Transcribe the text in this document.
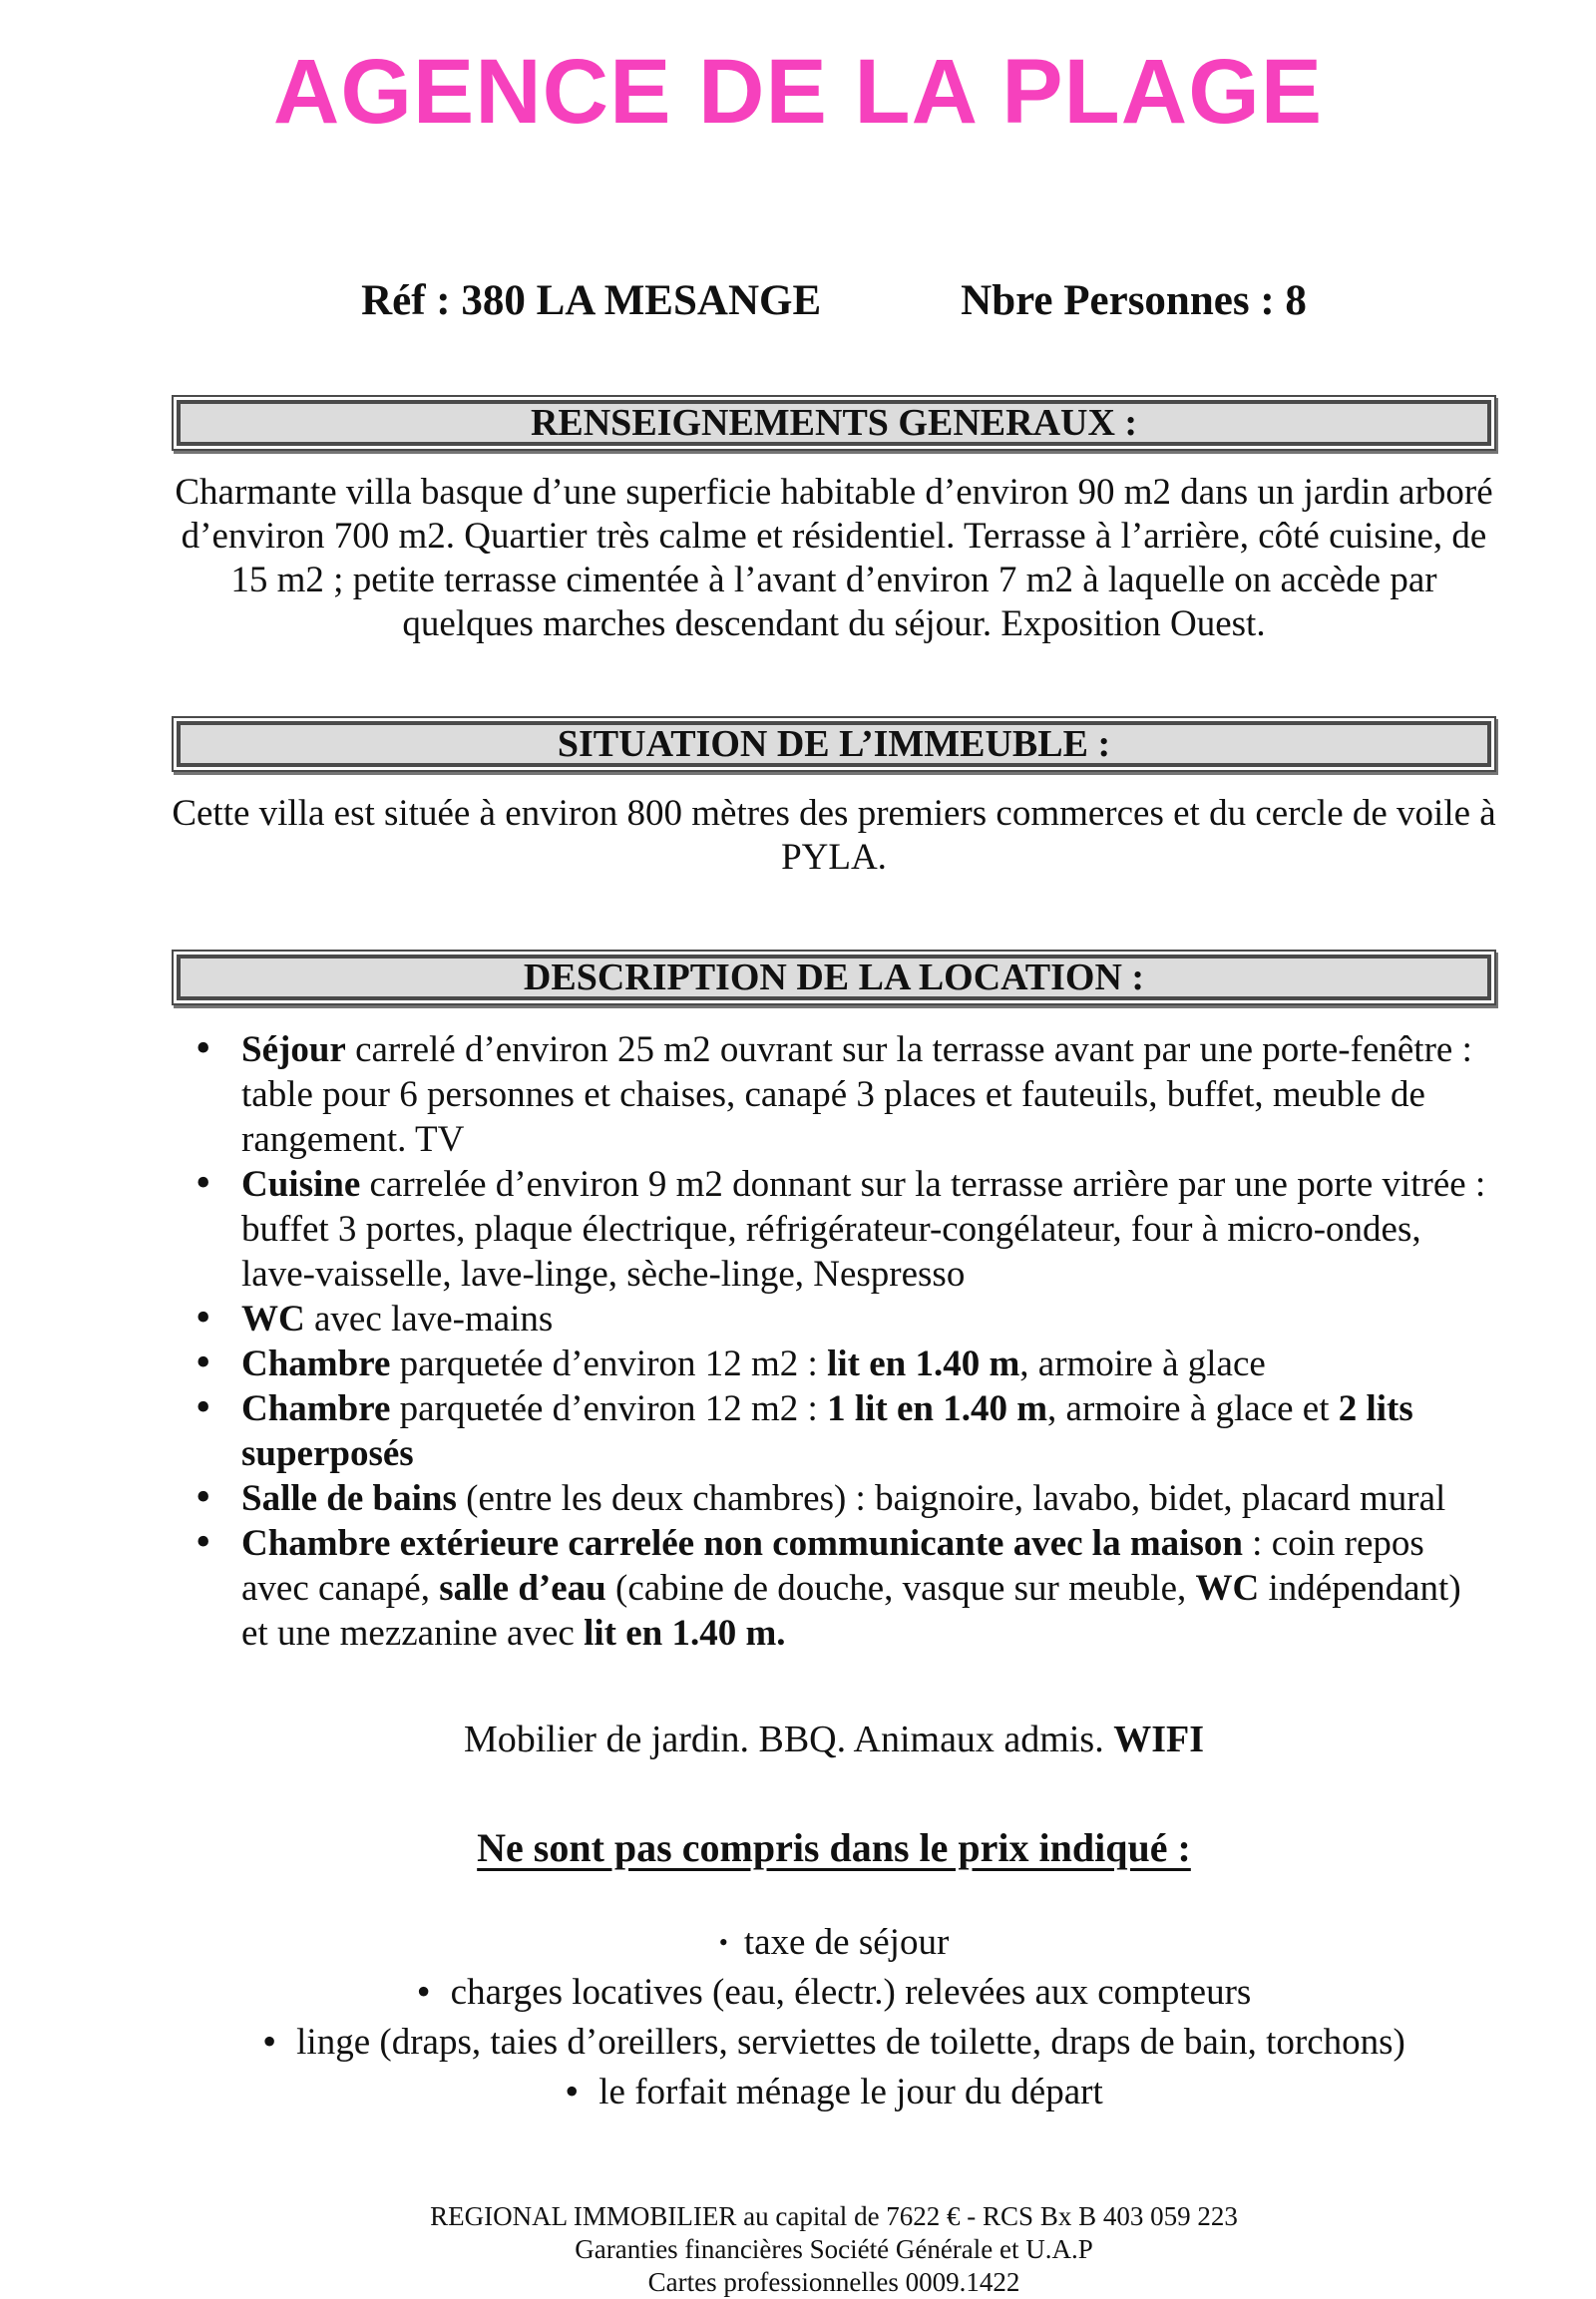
AGENCE DE LA PLAGE
Réf : 380 LA MESANGE	Nbre Personnes : 8
RENSEIGNEMENTS GENERAUX :

Charmante villa basque d’une superficie habitable d’environ 90 m2 dans un jardin arboré d’environ 700 m2. Quartier très calme et résidentiel. Terrasse à l’arrière, côté cuisine, de 15 m2 ; petite terrasse cimentée à l’avant d’environ 7 m2 à laquelle on accède par quelques marches descendant du séjour. Exposition Ouest.

SITUATION DE L’IMMEUBLE :

Cette villa est située à environ 800 mètres des premiers commerces et du cercle de voile à PYLA.

DESCRIPTION DE LA LOCATION :
• Séjour carrelé d’environ 25 m2 ouvrant sur la terrasse avant par une porte-fenêtre : table pour 6 personnes et chaises, canapé 3 places et fauteuils, buffet, meuble de rangement. TV
• Cuisine carrelée d’environ 9 m2 donnant sur la terrasse arrière par une porte vitrée : buffet 3 portes, plaque électrique, réfrigérateur-congélateur, four à micro-ondes, lave-vaisselle, lave-linge, sèche-linge, Nespresso
• WC avec lave-mains
• Chambre parquetée d’environ 12 m2 : lit en 1.40 m, armoire à glace
• Chambre parquetée d’environ 12 m2 : 1 lit en 1.40 m, armoire à glace et 2 lits superposés
• Salle de bains (entre les deux chambres) : baignoire, lavabo, bidet, placard mural
• Chambre extérieure carrelée non communicante avec la maison : coin repos avec canapé, salle d’eau (cabine de douche, vasque sur meuble, WC indépendant) et une mezzanine avec lit en 1.40 m.

Mobilier de jardin. BBQ. Animaux admis. WIFI

Ne sont pas compris dans le prix indiqué :

• taxe de séjour
• charges locatives (eau, électr.) relevées aux compteurs
• linge (draps, taies d’oreillers, serviettes de toilette, draps de bain, torchons)
• le forfait ménage le jour du départ
REGIONAL IMMOBILIER au capital de 7622 € - RCS Bx B 403 059 223
Garanties financières Société Générale et U.A.P
Cartes professionnelles 0009.1422
